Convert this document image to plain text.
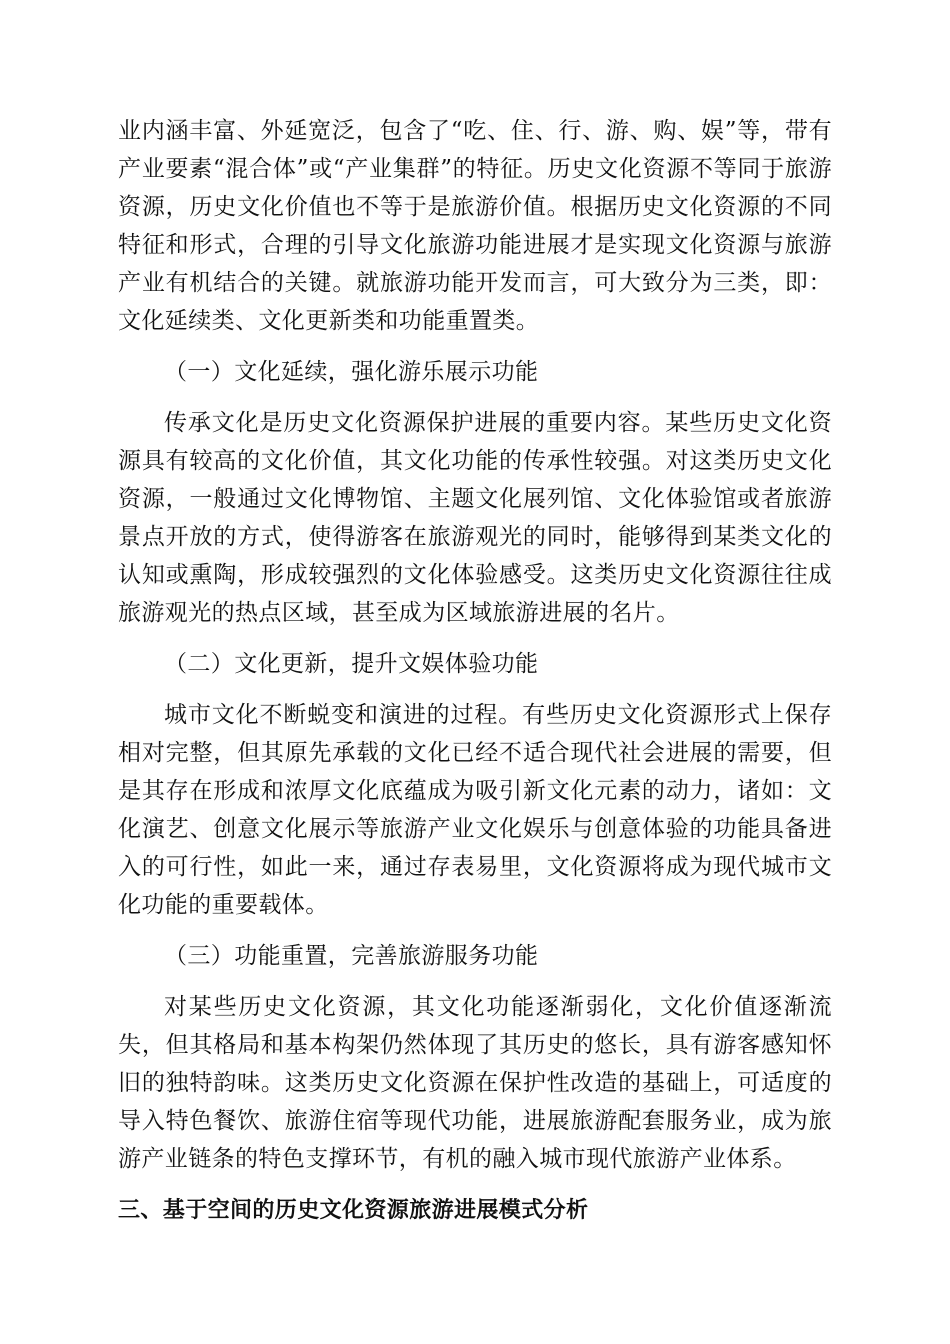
业内涵丰富、外延宽泛，包含了“吃、住、行、游、购、娱”等，带有产业要素“混合体”或“产业集群”的特征。历史文化资源不等同于旅游资源，历史文化价值也不等于是旅游价值。根据历史文化资源的不同特征和形式，合理的引导文化旅游功能进展才是实现文化资源与旅游产业有机结合的关键。就旅游功能开发而言，可大致分为三类，即：文化延续类、文化更新类和功能重置类。

（一）文化延续，强化游乐展示功能

传承文化是历史文化资源保护进展的重要内容。某些历史文化资源具有较高的文化价值，其文化功能的传承性较强。对这类历史文化资源，一般通过文化博物馆、主题文化展列馆、文化体验馆或者旅游景点开放的方式，使得游客在旅游观光的同时，能够得到某类文化的认知或熏陶，形成较强烈的文化体验感受。这类历史文化资源往往成旅游观光的热点区域，甚至成为区域旅游进展的名片。

（二）文化更新，提升文娱体验功能

城市文化不断蜕变和演进的过程。有些历史文化资源形式上保存相对完整，但其原先承载的文化已经不适合现代社会进展的需要，但是其存在形成和浓厚文化底蕴成为吸引新文化元素的动力，诸如：文化演艺、创意文化展示等旅游产业文化娱乐与创意体验的功能具备进入的可行性，如此一来，通过存表易里，文化资源将成为现代城市文化功能的重要载体。

（三）功能重置，完善旅游服务功能

对某些历史文化资源，其文化功能逐渐弱化，文化价值逐渐流失，但其格局和基本构架仍然体现了其历史的悠长，具有游客感知怀旧的独特韵味。这类历史文化资源在保护性改造的基础上，可适度的导入特色餐饮、旅游住宿等现代功能，进展旅游配套服务业，成为旅游产业链条的特色支撑环节，有机的融入城市现代旅游产业体系。

三、基于空间的历史文化资源旅游进展模式分析
